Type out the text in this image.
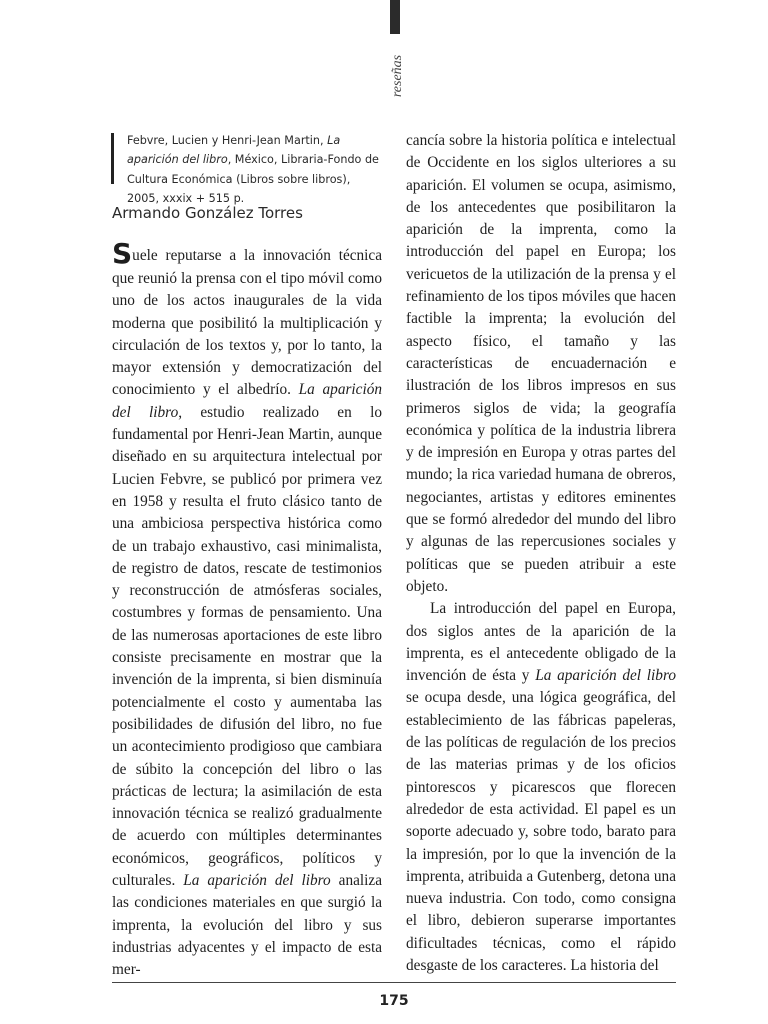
reseñas
Febvre, Lucien y Henri-Jean Martin, La aparición del libro, México, Libraria-Fondo de Cultura Económica (Libros sobre libros), 2005, xxxix + 515 p.
Armando González Torres

Suele reputarse a la innovación técnica que reunió la prensa con el tipo móvil como uno de los actos inaugurales de la vida moderna que posibilitó la multiplicación y circulación de los textos y, por lo tanto, la mayor extensión y democratización del conocimiento y el albedrío. La aparición del libro, estudio realizado en lo fundamental por Henri-Jean Martin, aunque diseñado en su arquitectura intelectual por Lucien Febvre, se publicó por primera vez en 1958 y resulta el fruto clásico tanto de una ambiciosa perspectiva histórica como de un trabajo exhaustivo, casi minimalista, de registro de datos, rescate de testimonios y reconstrucción de atmósferas sociales, costumbres y formas de pensamiento. Una de las numerosas aportaciones de este libro consiste precisamente en mostrar que la invención de la imprenta, si bien disminuía potencialmente el costo y aumentaba las posibilidades de difusión del libro, no fue un acontecimiento prodigioso que cambiara de súbito la concepción del libro o las prácticas de lectura; la asimilación de esta innovación técnica se realizó gradualmente de acuerdo con múltiples determinantes económicos, geográficos, políticos y culturales. La aparición del libro analiza las condiciones materiales en que surgió la imprenta, la evolución del libro y sus industrias adyacentes y el impacto de esta mer-

cancía sobre la historia política e intelectual de Occidente en los siglos ulteriores a su aparición. El volumen se ocupa, asimismo, de los antecedentes que posibilitaron la aparición de la imprenta, como la introducción del papel en Europa; los vericuetos de la utilización de la prensa y el refinamiento de los tipos móviles que hacen factible la imprenta; la evolución del aspecto físico, el tamaño y las características de encuadernación e ilustración de los libros impresos en sus primeros siglos de vida; la geografía económica y política de la industria librera y de impresión en Europa y otras partes del mundo; la rica variedad humana de obreros, negociantes, artistas y editores eminentes que se formó alrededor del mundo del libro y algunas de las repercusiones sociales y políticas que se pueden atribuir a este objeto.

La introducción del papel en Europa, dos siglos antes de la aparición de la imprenta, es el antecedente obligado de la invención de ésta y La aparición del libro se ocupa desde, una lógica geográfica, del establecimiento de las fábricas papeleras, de las políticas de regulación de los precios de las materias primas y de los oficios pintorescos y picarescos que florecen alrededor de esta actividad. El papel es un soporte adecuado y, sobre todo, barato para la impresión, por lo que la invención de la imprenta, atribuida a Gutenberg, detona una nueva industria. Con todo, como consigna el libro, debieron superarse importantes dificultades técnicas, como el rápido desgaste de los caracteres. La historia del

175
